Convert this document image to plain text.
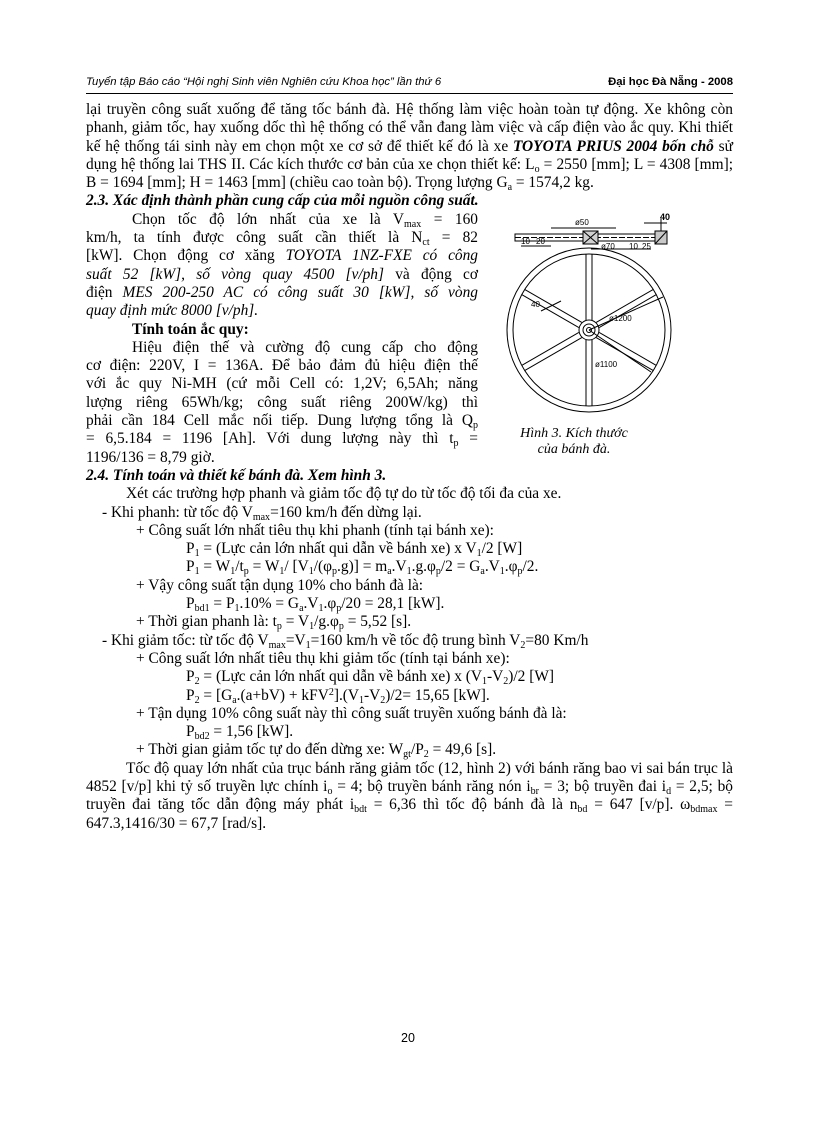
Tuyển tập Báo cáo “Hội nghị Sinh viên Nghiên cứu Khoa học” lần thứ 6	Đại học Đà Nẵng - 2008

lại truyền công suất xuống để tăng tốc bánh đà. Hệ thống làm việc hoàn toàn tự động. Xe không còn phanh, giảm tốc, hay xuống dốc thì hệ thống có thể vẫn đang làm việc và cấp điện vào ắc quy. Khi thiết kế hệ thống tái sinh này em chọn một xe cơ sở để thiết kế đó là xe TOYOTA PRIUS 2004 bốn chỗ sử dụng hệ thống lai THS II. Các kích thước cơ bản của xe chọn thiết kế: $L_o = 2550$ [mm]; L = 4308 [mm]; B = 1694 [mm]; H = 1463 [mm] (chiều cao toàn bộ). Trọng lượng $G_a = 1574,2$ kg.

2.3. Xác định thành phần cung cấp của mỗi nguồn công suất.

Chọn tốc độ lớn nhất của xe là $V_{max} = 160$

km/h, ta tính được công suất cần thiết là $N_{ct} = 82$

[kW]. Chọn động cơ xăng TOYOTA 1NZ-FXE có công

suất 52 [kW], số vòng quay 4500 [v/ph] và động cơ

điện MES 200-250 AC có công suất 30 [kW], số vòng

quay định mức 8000 [v/ph].

Tính toán ắc quy:

Hiệu điện thế và cường độ cung cấp cho động

cơ điện: 220V, I = 136A. Để bảo đảm đủ hiệu điện thế

với ắc quy Ni-MH (cứ mỗi Cell có: 1,2V; 6,5Ah; năng

lượng riêng 65Wh/kg; công suất riêng 200W/kg) thì

phải cần 184 Cell mắc nối tiếp. Dung lượng tổng là $Q_p$

= 6,5.184 = 1196 [Ah]. Với dung lượng này thì $t_p$ =

1196/136 = 8,79 giờ.

40
ø50
10 20
ø70 10 25
40
ø1200
ø1100
Hình 3. Kích thước của bánh đà.

2.4. Tính toán và thiết kế bánh đà. Xem hình 3.

Xét các trường hợp phanh và giảm tốc độ tự do từ tốc độ tối đa của xe.

- Khi phanh: từ tốc độ $V_{max}=160$ km/h đến dừng lại.

+ Công suất lớn nhất tiêu thụ khi phanh (tính tại bánh xe):

$P_1$ = (Lực cản lớn nhất qui dẫn về bánh xe) x $V_1/2$ [W]

$P_1 = W_1/t_p = W_1/$ $[V_1/(\varphi_p.g)] = m_a.V_1.g.\varphi_p/2 = G_a.V_1.\varphi_p/2$.

+ Vậy công suất tận dụng 10% cho bánh đà là:

$P_{bd1} = P_1.10\% = G_a.V_1.\varphi_p/20 = 28,1$ [kW].

+ Thời gian phanh là: $t_p = V_1/g.\varphi_p = 5,52$ [s].

- Khi giảm tốc: từ tốc độ $V_{max}=V_1=160$ km/h về tốc độ trung bình $V_2=80$ Km/h

+ Công suất lớn nhất tiêu thụ khi giảm tốc (tính tại bánh xe):

$P_2$ = (Lực cản lớn nhất qui dẫn về bánh xe) x $(V_1-V_2)/2$ [W]

$P_2 = [G_a.(a+bV) + kFV^2].(V_1-V_2)/2= 15,65$ [kW].

+ Tận dụng 10% công suất này thì công suất truyền xuống bánh đà là:

$P_{bd2} = 1,56$ [kW].

+ Thời gian giảm tốc tự do đến dừng xe: $W_{gt}/P_2 = 49,6$ [s].

Tốc độ quay lớn nhất của trục bánh răng giảm tốc (12, hình 2) với bánh răng bao vi sai bán trục là 4852 [v/p] khi tỷ số truyền lực chính $i_o = 4$; bộ truyền bánh răng nón $i_{br} = 3$; bộ truyền đai $i_d = 2,5$; bộ truyền đai tăng tốc dẫn động máy phát $i_{bdt} = 6,36$ thì tốc độ bánh đà là $n_{bd} = 647$ [v/p]. $\omega_{bdmax} = 647.3,1416/30 = 67,7$ [rad/s].

20
